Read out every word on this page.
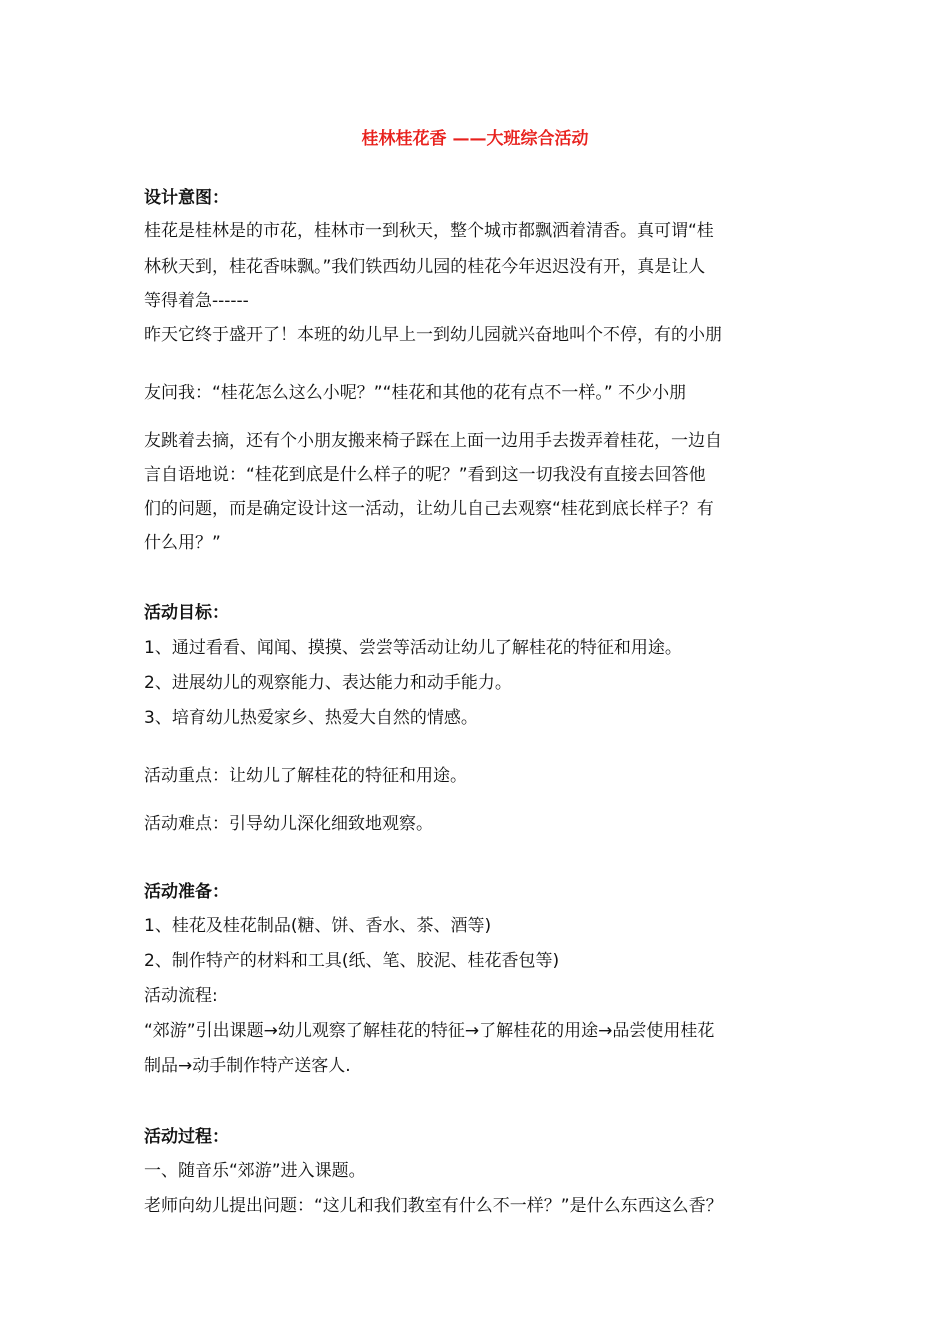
桂林桂花香 ——大班综合活动
设计意图：
桂花是桂林是的市花，桂林市一到秋天，整个城市都飘洒着清香。真可谓“桂
林秋天到，桂花香味飘。”我们铁西幼儿园的桂花今年迟迟没有开，真是让人
等得着急------
昨天它终于盛开了！本班的幼儿早上一到幼儿园就兴奋地叫个不停，有的小朋
友问我：“桂花怎么这么小呢？”“桂花和其他的花有点不一样。” 不少小朋
友跳着去摘，还有个小朋友搬来椅子踩在上面一边用手去拨弄着桂花，一边自
言自语地说：“桂花到底是什么样子的呢？”看到这一切我没有直接去回答他
们的问题，而是确定设计这一活动，让幼儿自己去观察“桂花到底长样子？有
什么用？”
活动目标：
1、通过看看、闻闻、摸摸、尝尝等活动让幼儿了解桂花的特征和用途。
2、进展幼儿的观察能力、表达能力和动手能力。
3、培育幼儿热爱家乡、热爱大自然的情感。
活动重点：让幼儿了解桂花的特征和用途。
活动难点：引导幼儿深化细致地观察。
活动准备：
1、桂花及桂花制品(糖、饼、香水、茶、酒等)
2、制作特产的材料和工具(纸、笔、胶泥、桂花香包等)
活动流程:
“郊游”引出课题→幼儿观察了解桂花的特征→了解桂花的用途→品尝使用桂花
制品→动手制作特产送客人.
活动过程：
一、随音乐“郊游”进入课题。
老师向幼儿提出问题：“这儿和我们教室有什么不一样？”是什么东西这么香？
